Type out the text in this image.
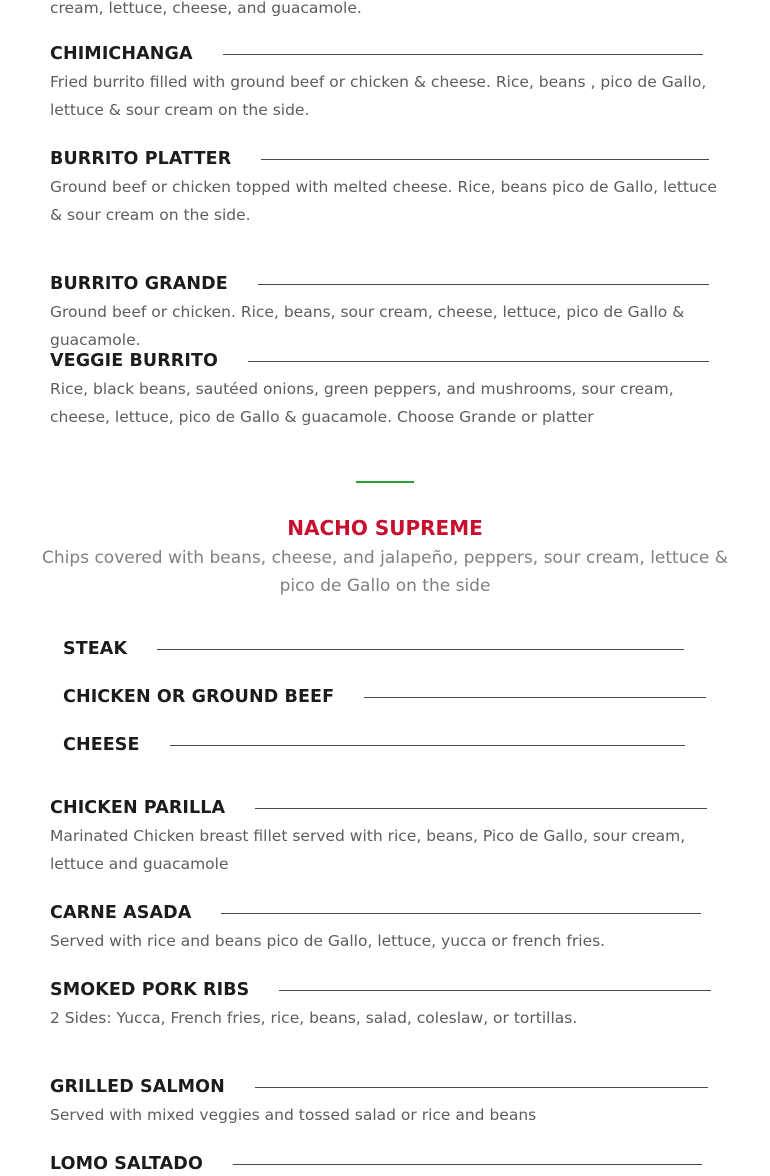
cream, lettuce, cheese, and guacamole.
CHIMICHANGA
Fried burrito filled with ground beef or chicken & cheese. Rice, beans , pico de Gallo, lettuce & sour cream on the side.
BURRITO PLATTER
Ground beef or chicken topped with melted cheese. Rice, beans pico de Gallo, lettuce & sour cream on the side.
BURRITO GRANDE
Ground beef or chicken. Rice, beans, sour cream, cheese, lettuce, pico de Gallo & guacamole.
VEGGIE BURRITO
Rice, black beans, sautéed onions, green peppers, and mushrooms, sour cream, cheese, lettuce, pico de Gallo & guacamole. Choose Grande or platter
NACHO SUPREME
Chips covered with beans, cheese, and jalapeño, peppers, sour cream, lettuce & pico de Gallo on the side
STEAK
CHICKEN OR GROUND BEEF
CHEESE
CHICKEN PARILLA
Marinated Chicken breast fillet served with rice, beans, Pico de Gallo, sour cream, lettuce and guacamole
CARNE ASADA
Served with rice and beans pico de Gallo, lettuce, yucca or french fries.
SMOKED PORK RIBS
2 Sides: Yucca, French fries, rice, beans, salad, coleslaw, or tortillas.
GRILLED SALMON
Served with mixed veggies and tossed salad or rice and beans
LOMO SALTADO
